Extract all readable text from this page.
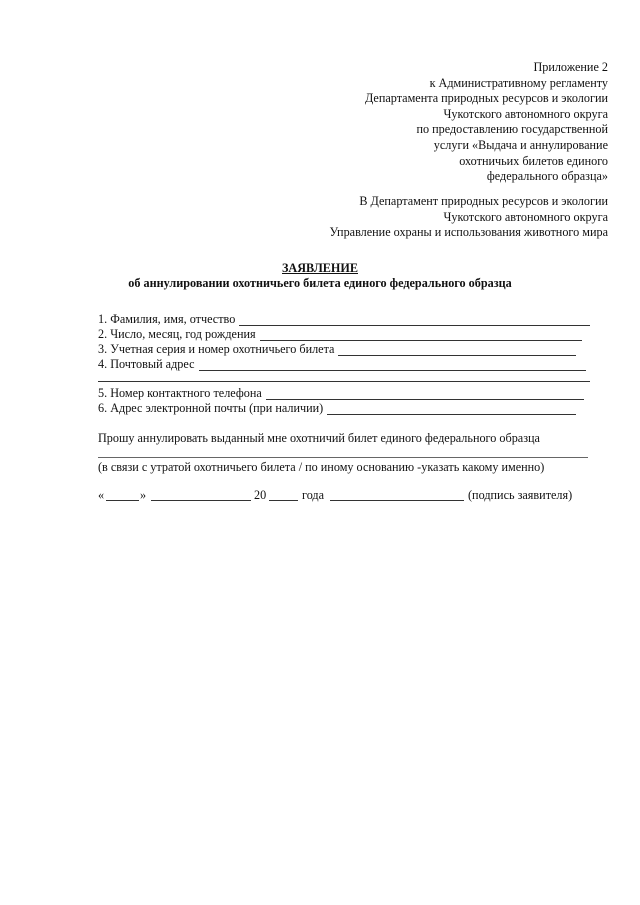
Приложение 2
к Административному регламенту
Департамента природных ресурсов и экологии
Чукотского автономного округа
по предоставлению государственной
услуги «Выдача и аннулирование
охотничьих билетов единого
федерального образца»
В Департамент природных ресурсов и экологии
Чукотского автономного округа
Управление охраны и использования животного мира
ЗАЯВЛЕНИЕ
об аннулировании охотничьего билета единого федерального образца
1. Фамилия, имя, отчество
2. Число, месяц, год рождения
3. Учетная серия и номер охотничьего билета
4. Почтовый адрес
5. Номер контактного телефона
6. Адрес электронной почты (при наличии)
Прошу аннулировать выданный мне охотничий билет единого федерального образца
(в связи с утратой охотничьего билета / по иному основанию -указать какому именно)
«	»	20	года	(подпись заявителя)
